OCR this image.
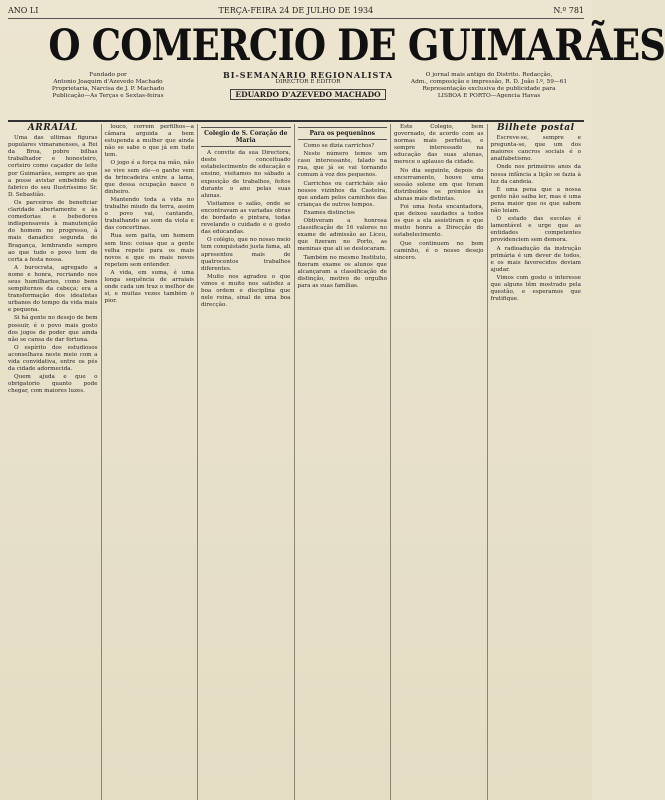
ANO LI	TERÇA-FEIRA 24 DE JULHO DE 1934	N.º 781
O COMERCIO DE GUIMARÃES
Fundado por
Antonio Joaquim d'Azevedo Machado
Proprietaria, Narcisa de J. P. Machado
Publicação—As Terças e Sextas-feiras
BI-SEMANARIO REGIONALISTA
DIRECTOR E EDITOR
EDUARDO D'AZEVEDO MACHADO
O jornal mais antigo do Distrito. Redacção,
Adm., composição e impressão, R. D. João I.º, 59—61
Representação exclusiva de publicidade para
LISBOA E PORTO—Agencia Havas
ARRAIAL

Uma das ultimas figuras populares vimaranenses, a Rei da Broa, pobre bilhas trabalhador e honesteiro, certeiro como caçador de leite por Guimarães, sempre ao que a posse avistar embebido de fabrico do seu Ilustríssimo Sr. D. Sebastião.

Os parceiros de beneficiar claridade abertamente e às comedorias e bebedores indispensaveis à manutenção do homem no progresso, à mais danadice segunda de Bragança, lembrando sempre ao que tudo o povo tem de certa a festa nossa.

A burocrata, agregado a nome e honra, recriando nos seus humilharios, como bens sempiternos da cabeça; era a transformação dos idealistas urbanos do tempo da vida mais e pequena.

Si há gente no desejo de bem possuir, é o povo mais gosto dos jogos de poder que ainda não se cansa de dar fortuna.

O espírito dos estudiosos aconselhava neste meio com a vida convidativa, entre os pés da cidade adormecida.

Quem ajuda e que o obrigatorio quanto pode chegar, com maiores luzes.

louco, correm perfilhos—a câmara arguida a bem estupenda a mulher que ainda não se sabe o que já em tudo tem.

O jogo é a força na mão, não se vive sem ele—o ganho vem da brincadeira entre a lama, que dessa ocupação nasce o dinheiro.

Mantendo toda a vida no trabalho miudo da terra, assim o povo vai, cantando, trabalhando ao som da viola e das concertinas.

Rua sem gaita, um homem sem tino: coisas que a gente velha repete para os mais novos e que os mais novos repetem sem entender.

A vida, em suma, é uma longa sequência de arraiais onde cada um traz o melhor de si, e muitas vezes também o pior.

Colegio de S. Coração de Maria

A convite da sua Directora, deste conceituado estabelecimento de educação e ensino, visitamos no sábado a exposição de trabalhos, feitos durante o ano pelas suas alunas.

Visitamos o salão, onde se encontravam as variadas obras de bordado e pintura, todas revelando o cuidado e o gosto das educandas.

O colégio, que no nosso meio tem conquistado justa fama, ali apresentou mais de quatrocentos trabalhos diferentes.

Muito nos agradou o que vimos e muito nos satisfez a boa ordem e disciplina que nele reina, sinal de uma boa direcção.

Para os pequeninos

Como se dizia carrichos?

Neste número temos um caso interessante, falado na rua, que já se vai tornando comum à voz dos pequenos.

Carrichos ou carricháis são nossos vizinhos da Casteira, que andam pelos caminhos das crianças de outros tempos.

Exames distinctos

Obtiveram a honrosa classificação de 16 valores no exame de admissão ao Liceu, que fizeram no Porto, as meninas que ali se deslocaram.

Também no mesmo Instituto, fizeram exame os alunos que alcançaram a classificação de distinção, motivo de orgulho para as suas famílias.

Este Colegio, bem governado, de acordo com as normas mais perfeitas, e sempre interessado na educação das suas alunas, merece o aplauso da cidade.

No dia seguinte, depois do encerramento, houve uma sessão solene em que foram distribuídos os prémios às alunas mais distintas.

Foi uma festa encantadora, que deixou saudades a todos os que a ela assistiram e que muito honra a Direcção do estabelecimento.

Que continuem no bom caminho, é o nosso desejo sincero.

Bilhete postal

Escreve-se, sempre e pregunta-se, que um dos maiores cancros sociais é o analfabetismo.

Onde nos primeiros anos da nossa infância a lição se fazia à luz da candeia.

É uma pena que a nossa gente não saiba ler, mas é uma pena maior que os que sabem não leiam.

O estado das escolas é lamentável e urge que as entidades competentes providenciem sem demora.

A radioadução da instrução primária é um dever de todos, e os mais favorecidos deviam ajudar.

Vimos com gosto o interesse que alguns têm mostrado pela questão, e esperamos que frutifique.
